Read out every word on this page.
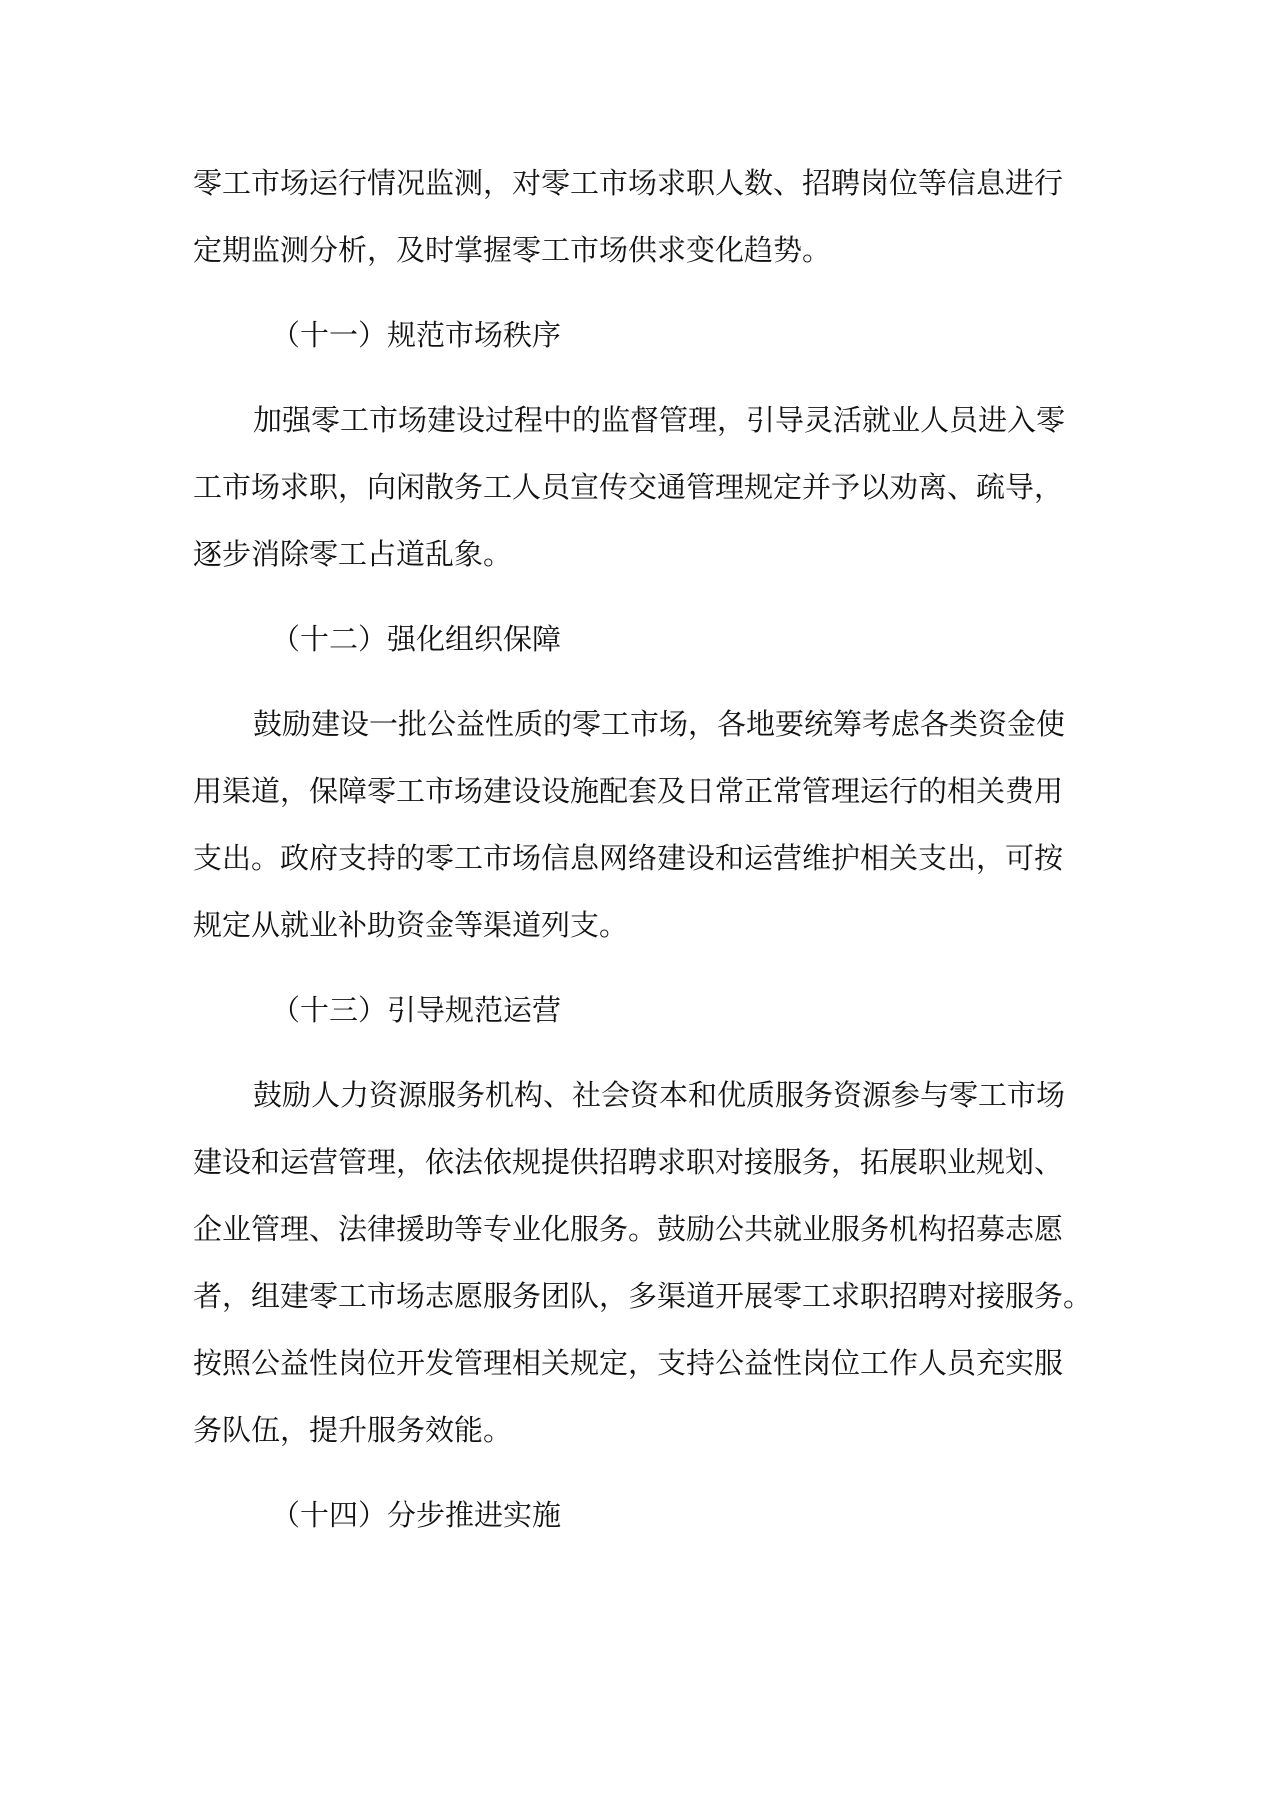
零工市场运行情况监测，对零工市场求职人数、招聘岗位等信息进行
定期监测分析，及时掌握零工市场供求变化趋势。
（十一）规范市场秩序
加强零工市场建设过程中的监督管理，引导灵活就业人员进入零
工市场求职，向闲散务工人员宣传交通管理规定并予以劝离、疏导，
逐步消除零工占道乱象。
（十二）强化组织保障
鼓励建设一批公益性质的零工市场，各地要统筹考虑各类资金使
用渠道，保障零工市场建设设施配套及日常正常管理运行的相关费用
支出。政府支持的零工市场信息网络建设和运营维护相关支出，可按
规定从就业补助资金等渠道列支。
（十三）引导规范运营
鼓励人力资源服务机构、社会资本和优质服务资源参与零工市场
建设和运营管理，依法依规提供招聘求职对接服务，拓展职业规划、
企业管理、法律援助等专业化服务。鼓励公共就业服务机构招募志愿
者，组建零工市场志愿服务团队，多渠道开展零工求职招聘对接服务。
按照公益性岗位开发管理相关规定，支持公益性岗位工作人员充实服
务队伍，提升服务效能。
（十四）分步推进实施
